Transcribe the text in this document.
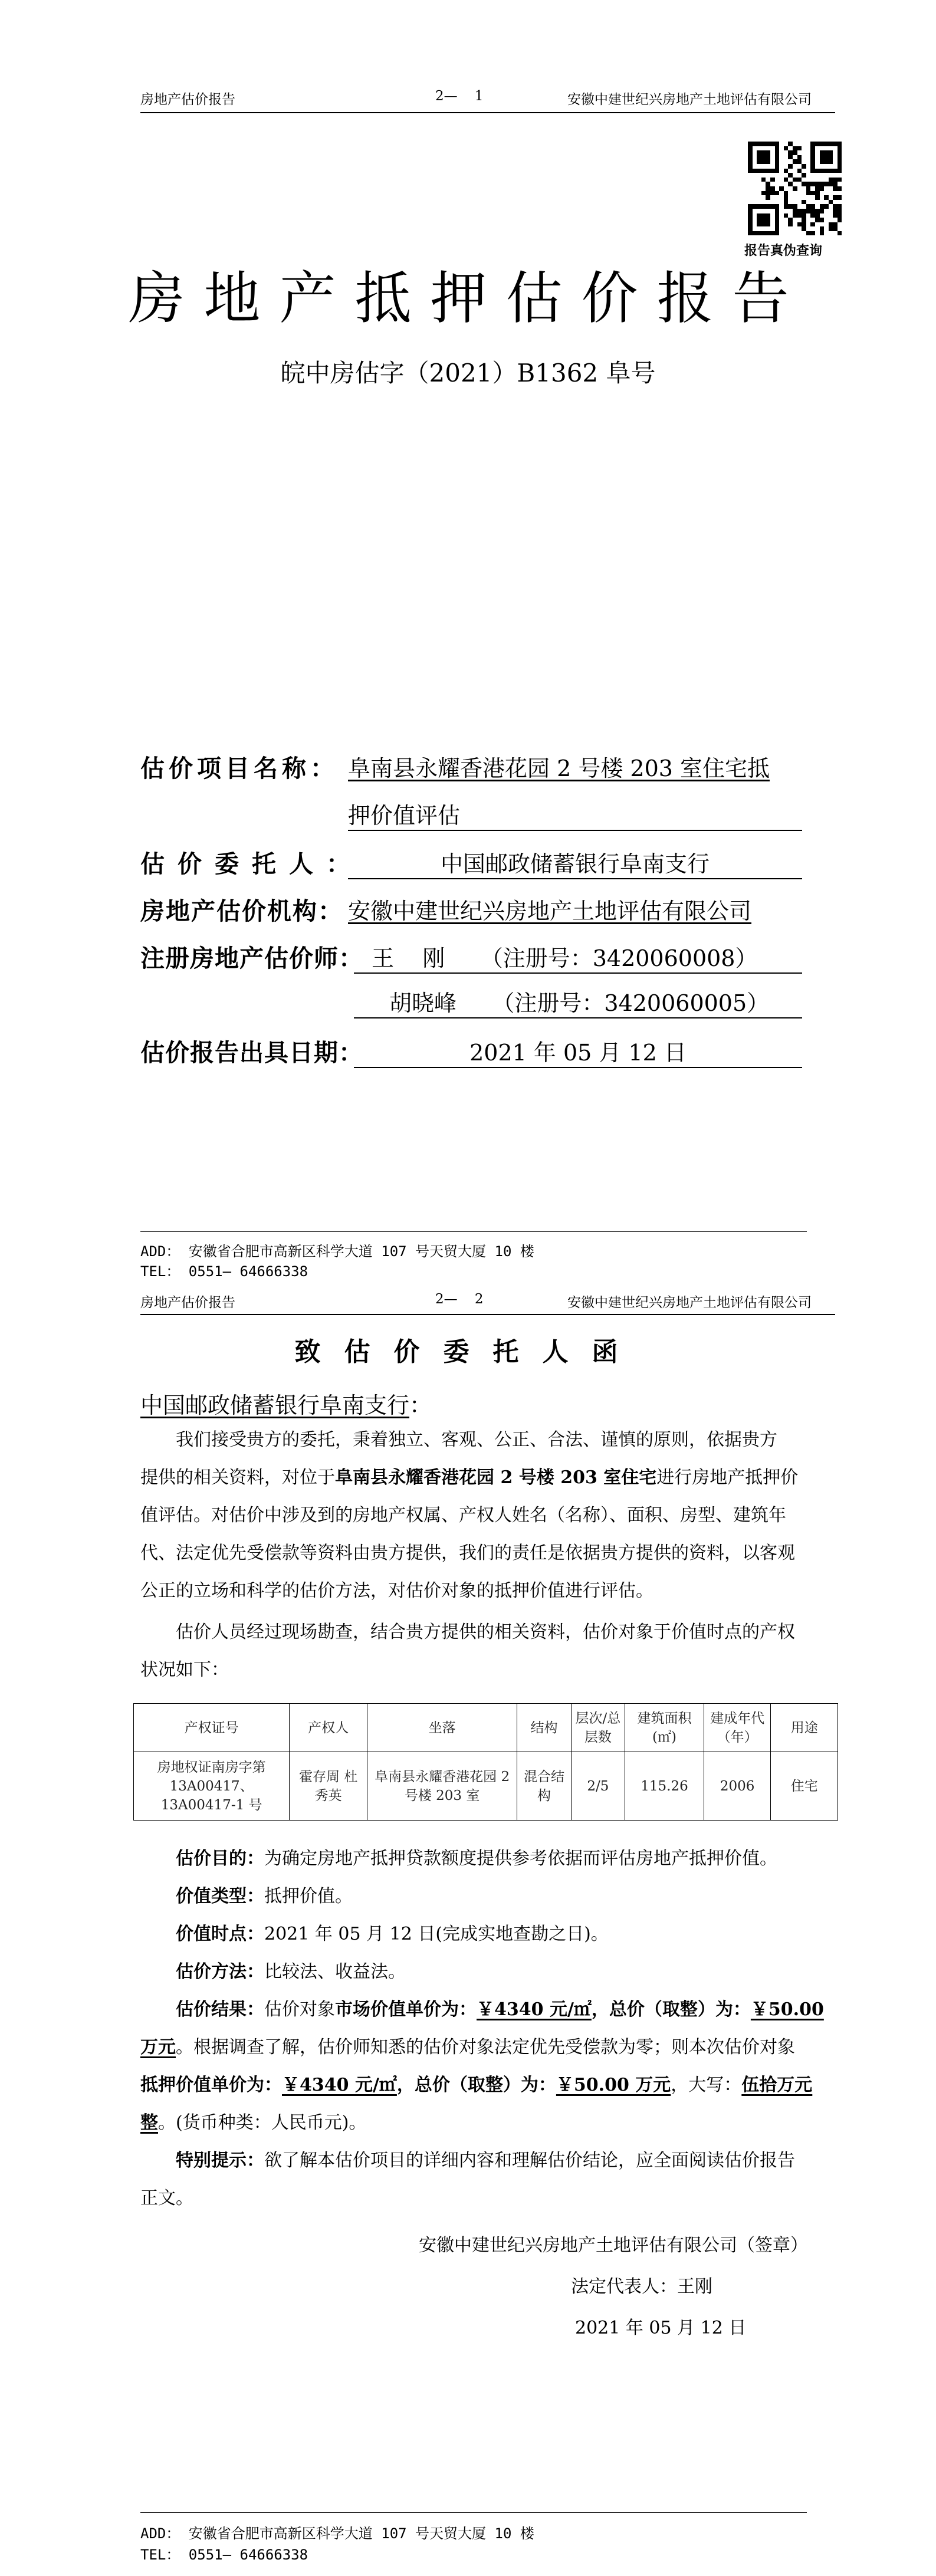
房地产估价报告	2—    1	安徽中建世纪兴房地产土地评估有限公司
报告真伪查询
房地产抵押估价报告
皖中房估字（2021）B1362 阜号
估价项目名称： 阜南县永耀香港花园 2 号楼 203 室住宅抵
押价值评估
估价委托人：	中国邮政储蓄银行阜南支行
房地产估价机构： 安徽中建世纪兴房地产土地评估有限公司
注册房地产估价师： 王    刚     （注册号：3420060008）
胡晓峰     （注册号：3420060005）
估价报告出具日期：	2021 年 05 月 12 日
ADD： 安徽省合肥市高新区科学大道 107 号天贸大厦 10 楼
TEL： 0551— 64666338
房地产估价报告	2—    2	安徽中建世纪兴房地产土地评估有限公司
致估价委托人函
中国邮政储蓄银行阜南支行：
我们接受贵方的委托，秉着独立、客观、公正、合法、谨慎的原则，依据贵方
提供的相关资料，对位于阜南县永耀香港花园 2 号楼 203 室住宅进行房地产抵押价
值评估。对估价中涉及到的房地产权属、产权人姓名（名称）、面积、房型、建筑年
代、法定优先受偿款等资料由贵方提供，我们的责任是依据贵方提供的资料，以客观
公正的立场和科学的估价方法，对估价对象的抵押价值进行评估。
估价人员经过现场勘查，结合贵方提供的相关资料，估价对象于价值时点的产权
状况如下：
产权证号	产权人	坐落	结构	层次/总层数	建筑面积(㎡)	建成年代（年）	用途
房地权证南房字第13A00417、13A00417-1 号	霍存周 杜秀英	阜南县永耀香港花园 2 号楼 203 室	混合结构	2/5	115.26	2006	住宅
估价目的：为确定房地产抵押贷款额度提供参考依据而评估房地产抵押价值。
价值类型：抵押价值。
价值时点：2021 年 05 月 12 日(完成实地查勘之日)。
估价方法：比较法、收益法。
估价结果：估价对象市场价值单价为：￥4340 元/㎡，总价（取整）为：￥50.00
万元。根据调查了解，估价师知悉的估价对象法定优先受偿款为零；则本次估价对象
抵押价值单价为：￥4340 元/㎡，总价（取整）为：￥50.00 万元，大写：伍拾万元
整。(货币种类：人民币元)。
特别提示：欲了解本估价项目的详细内容和理解估价结论，应全面阅读估价报告
正文。
安徽中建世纪兴房地产土地评估有限公司（签章）
法定代表人：王刚
2021 年 05 月 12 日
ADD： 安徽省合肥市高新区科学大道 107 号天贸大厦 10 楼
TEL： 0551— 64666338
